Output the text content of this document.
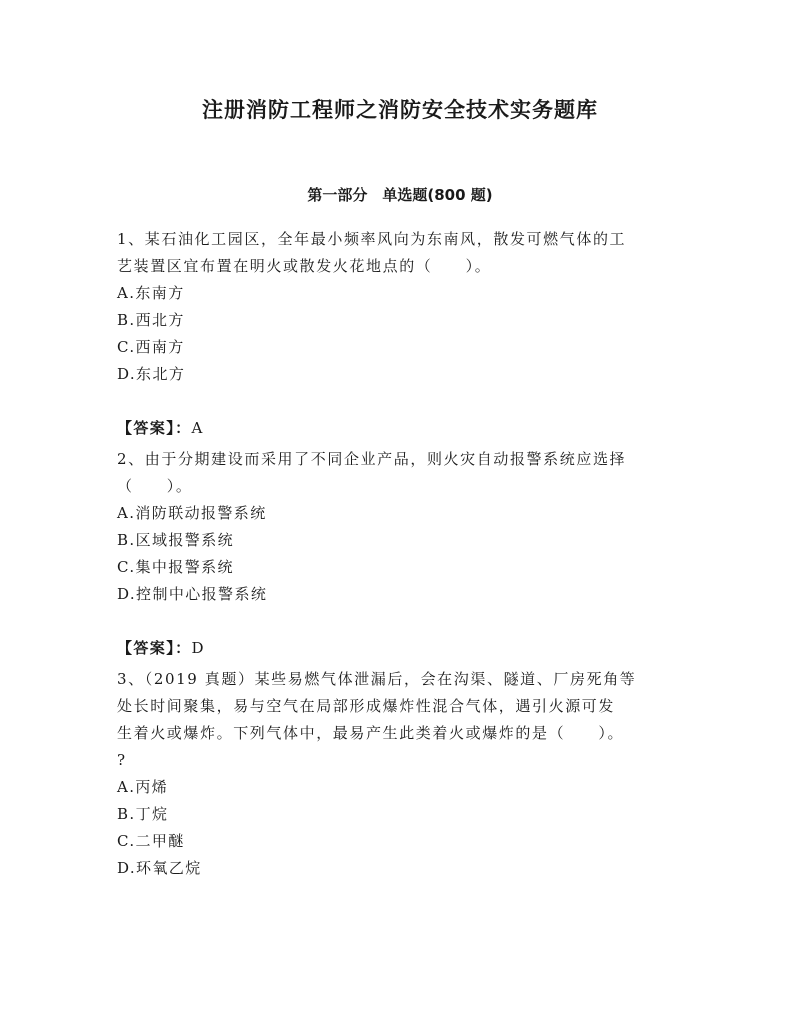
注册消防工程师之消防安全技术实务题库
第一部分　单选题(800 题)
1、某石油化工园区，全年最小频率风向为东南风，散发可燃气体的工
艺装置区宜布置在明火或散发火花地点的（　　）。
A.东南方
B.西北方
C.西南方
D.东北方
【答案】：A
2、由于分期建设而采用了不同企业产品，则火灾自动报警系统应选择
（　　）。
A.消防联动报警系统
B.区域报警系统
C.集中报警系统
D.控制中心报警系统
【答案】：D
3、（2019 真题）某些易燃气体泄漏后，会在沟渠、隧道、厂房死角等
处长时间聚集，易与空气在局部形成爆炸性混合气体，遇引火源可发
生着火或爆炸。下列气体中，最易产生此类着火或爆炸的是（　　）。
?
A.丙烯
B.丁烷
C.二甲醚
D.环氧乙烷
